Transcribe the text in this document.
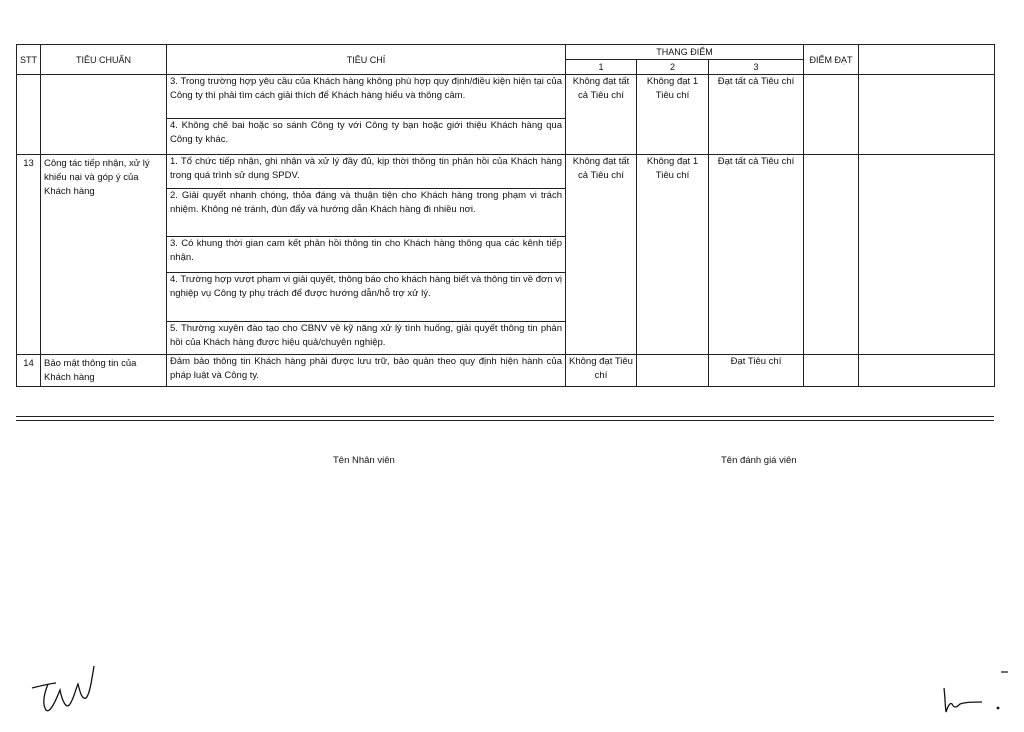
STT	TIÊU CHUẨN	TIÊU CHÍ	THANG ĐIỂM			ĐIỂM ĐẠT	
			1	2	3		
		3. Trong trường hợp yêu cầu của Khách hàng không phù hợp quy định/điều kiện hiện tại của Công ty thì phải tìm cách giải thích để Khách hàng hiểu và thông cảm.	Không đạt tất cả Tiêu chí	Không đạt 1 Tiêu chí	Đạt tất cả Tiêu chí		
		4. Không chê bai hoặc so sánh Công ty với Công ty bạn hoặc giới thiệu Khách hàng qua Công ty khác.					
13	Công tác tiếp nhận, xử lý khiếu nại và góp ý của Khách hàng	1. Tổ chức tiếp nhận, ghi nhận và xử lý đầy đủ, kịp thời thông tin phản hồi của Khách hàng trong quá trình sử dụng SPDV.	Không đạt tất cả Tiêu chí	Không đạt 1 Tiêu chí	Đạt tất cả Tiêu chí		
		2. Giải quyết nhanh chóng, thỏa đáng và thuận tiện cho Khách hàng trong phạm vi trách nhiệm. Không né tránh, đùn đẩy và hướng dẫn Khách hàng đi nhiều nơi.					
		3. Có khung thời gian cam kết phản hồi thông tin cho Khách hàng thông qua các kênh tiếp nhận.					
		4. Trường hợp vượt phạm vi giải quyết, thông báo cho khách hàng biết và thông tin về đơn vị nghiệp vụ Công ty phụ trách để được hướng dẫn/hỗ trợ xử lý.					
		5. Thường xuyên đào tạo cho CBNV về kỹ năng xử lý tình huống, giải quyết thông tin phản hồi của Khách hàng được hiệu quả/chuyên nghiệp.					
14	Bảo mật thông tin của Khách hàng	Đảm bảo thông tin Khách hàng phải được lưu trữ, bảo quản theo quy định hiện hành của pháp luật và Công ty.	Không đạt Tiêu chí		Đạt Tiêu chí		
Tên Nhân viên	Tên đánh giá viên
